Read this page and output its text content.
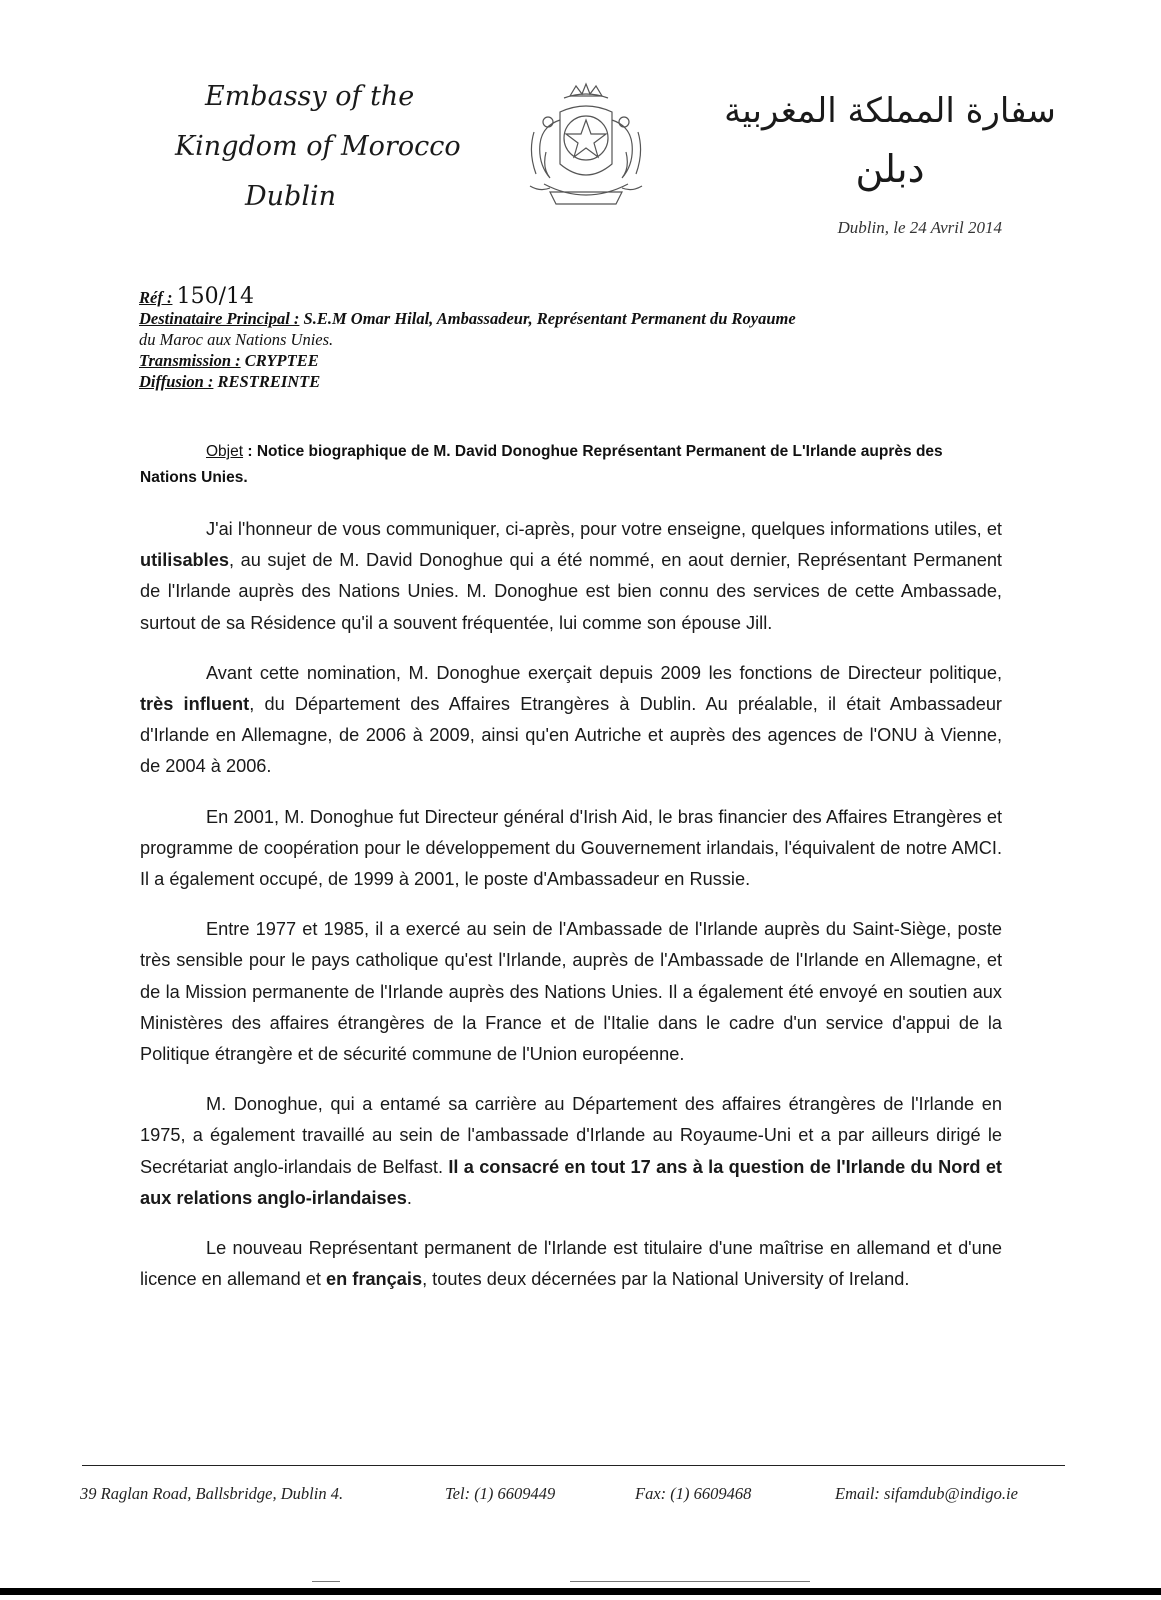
Embassy of the
Kingdom of Morocco
Dublin
سفارة المملكة المغربية
دبلن
Dublin, le 24 Avril 2014
Réf : 150/14
Destinataire Principal : S.E.M Omar Hilal, Ambassadeur, Représentant Permanent du Royaume
du Maroc aux Nations Unies.
Transmission : CRYPTEE
Diffusion : RESTREINTE
Objet : Notice biographique de M. David Donoghue Représentant Permanent de L'Irlande auprès des Nations Unies.

J'ai l'honneur de vous communiquer, ci-après, pour votre enseigne, quelques informations utiles, et utilisables, au sujet de M. David Donoghue qui a été nommé, en aout dernier, Représentant Permanent de l'Irlande auprès des Nations Unies. M. Donoghue est bien connu des services de cette Ambassade, surtout de sa Résidence qu'il a souvent fréquentée, lui comme son épouse Jill.

Avant cette nomination, M. Donoghue exerçait depuis 2009 les fonctions de Directeur politique, très influent, du Département des Affaires Etrangères à Dublin. Au préalable, il était Ambassadeur d'Irlande en Allemagne, de 2006 à 2009, ainsi qu'en Autriche et auprès des agences de l'ONU à Vienne, de 2004 à 2006.

En 2001, M. Donoghue fut Directeur général d'Irish Aid, le bras financier des Affaires Etrangères et programme de coopération pour le développement du Gouvernement irlandais, l'équivalent de notre AMCI. Il a également occupé, de 1999 à 2001, le poste d'Ambassadeur en Russie.

Entre 1977 et 1985, il a exercé au sein de l'Ambassade de l'Irlande auprès du Saint-Siège, poste très sensible pour le pays catholique qu'est l'Irlande, auprès de l'Ambassade de l'Irlande en Allemagne, et de la Mission permanente de l'Irlande auprès des Nations Unies. Il a également été envoyé en soutien aux Ministères des affaires étrangères de la France et de l'Italie dans le cadre d'un service d'appui de la Politique étrangère et de sécurité commune de l'Union européenne.

M. Donoghue, qui a entamé sa carrière au Département des affaires étrangères de l'Irlande en 1975, a également travaillé au sein de l'ambassade d'Irlande au Royaume-Uni et a par ailleurs dirigé le Secrétariat anglo-irlandais de Belfast. Il a consacré en tout 17 ans à la question de l'Irlande du Nord et aux relations anglo-irlandaises.

Le nouveau Représentant permanent de l'Irlande est titulaire d'une maîtrise en allemand et d'une licence en allemand et en français, toutes deux décernées par la National University of Ireland.

39 Raglan Road, Ballsbridge, Dublin 4.	Tel: (1) 6609449	Fax: (1) 6609468	Email: sifamdub@indigo.ie
